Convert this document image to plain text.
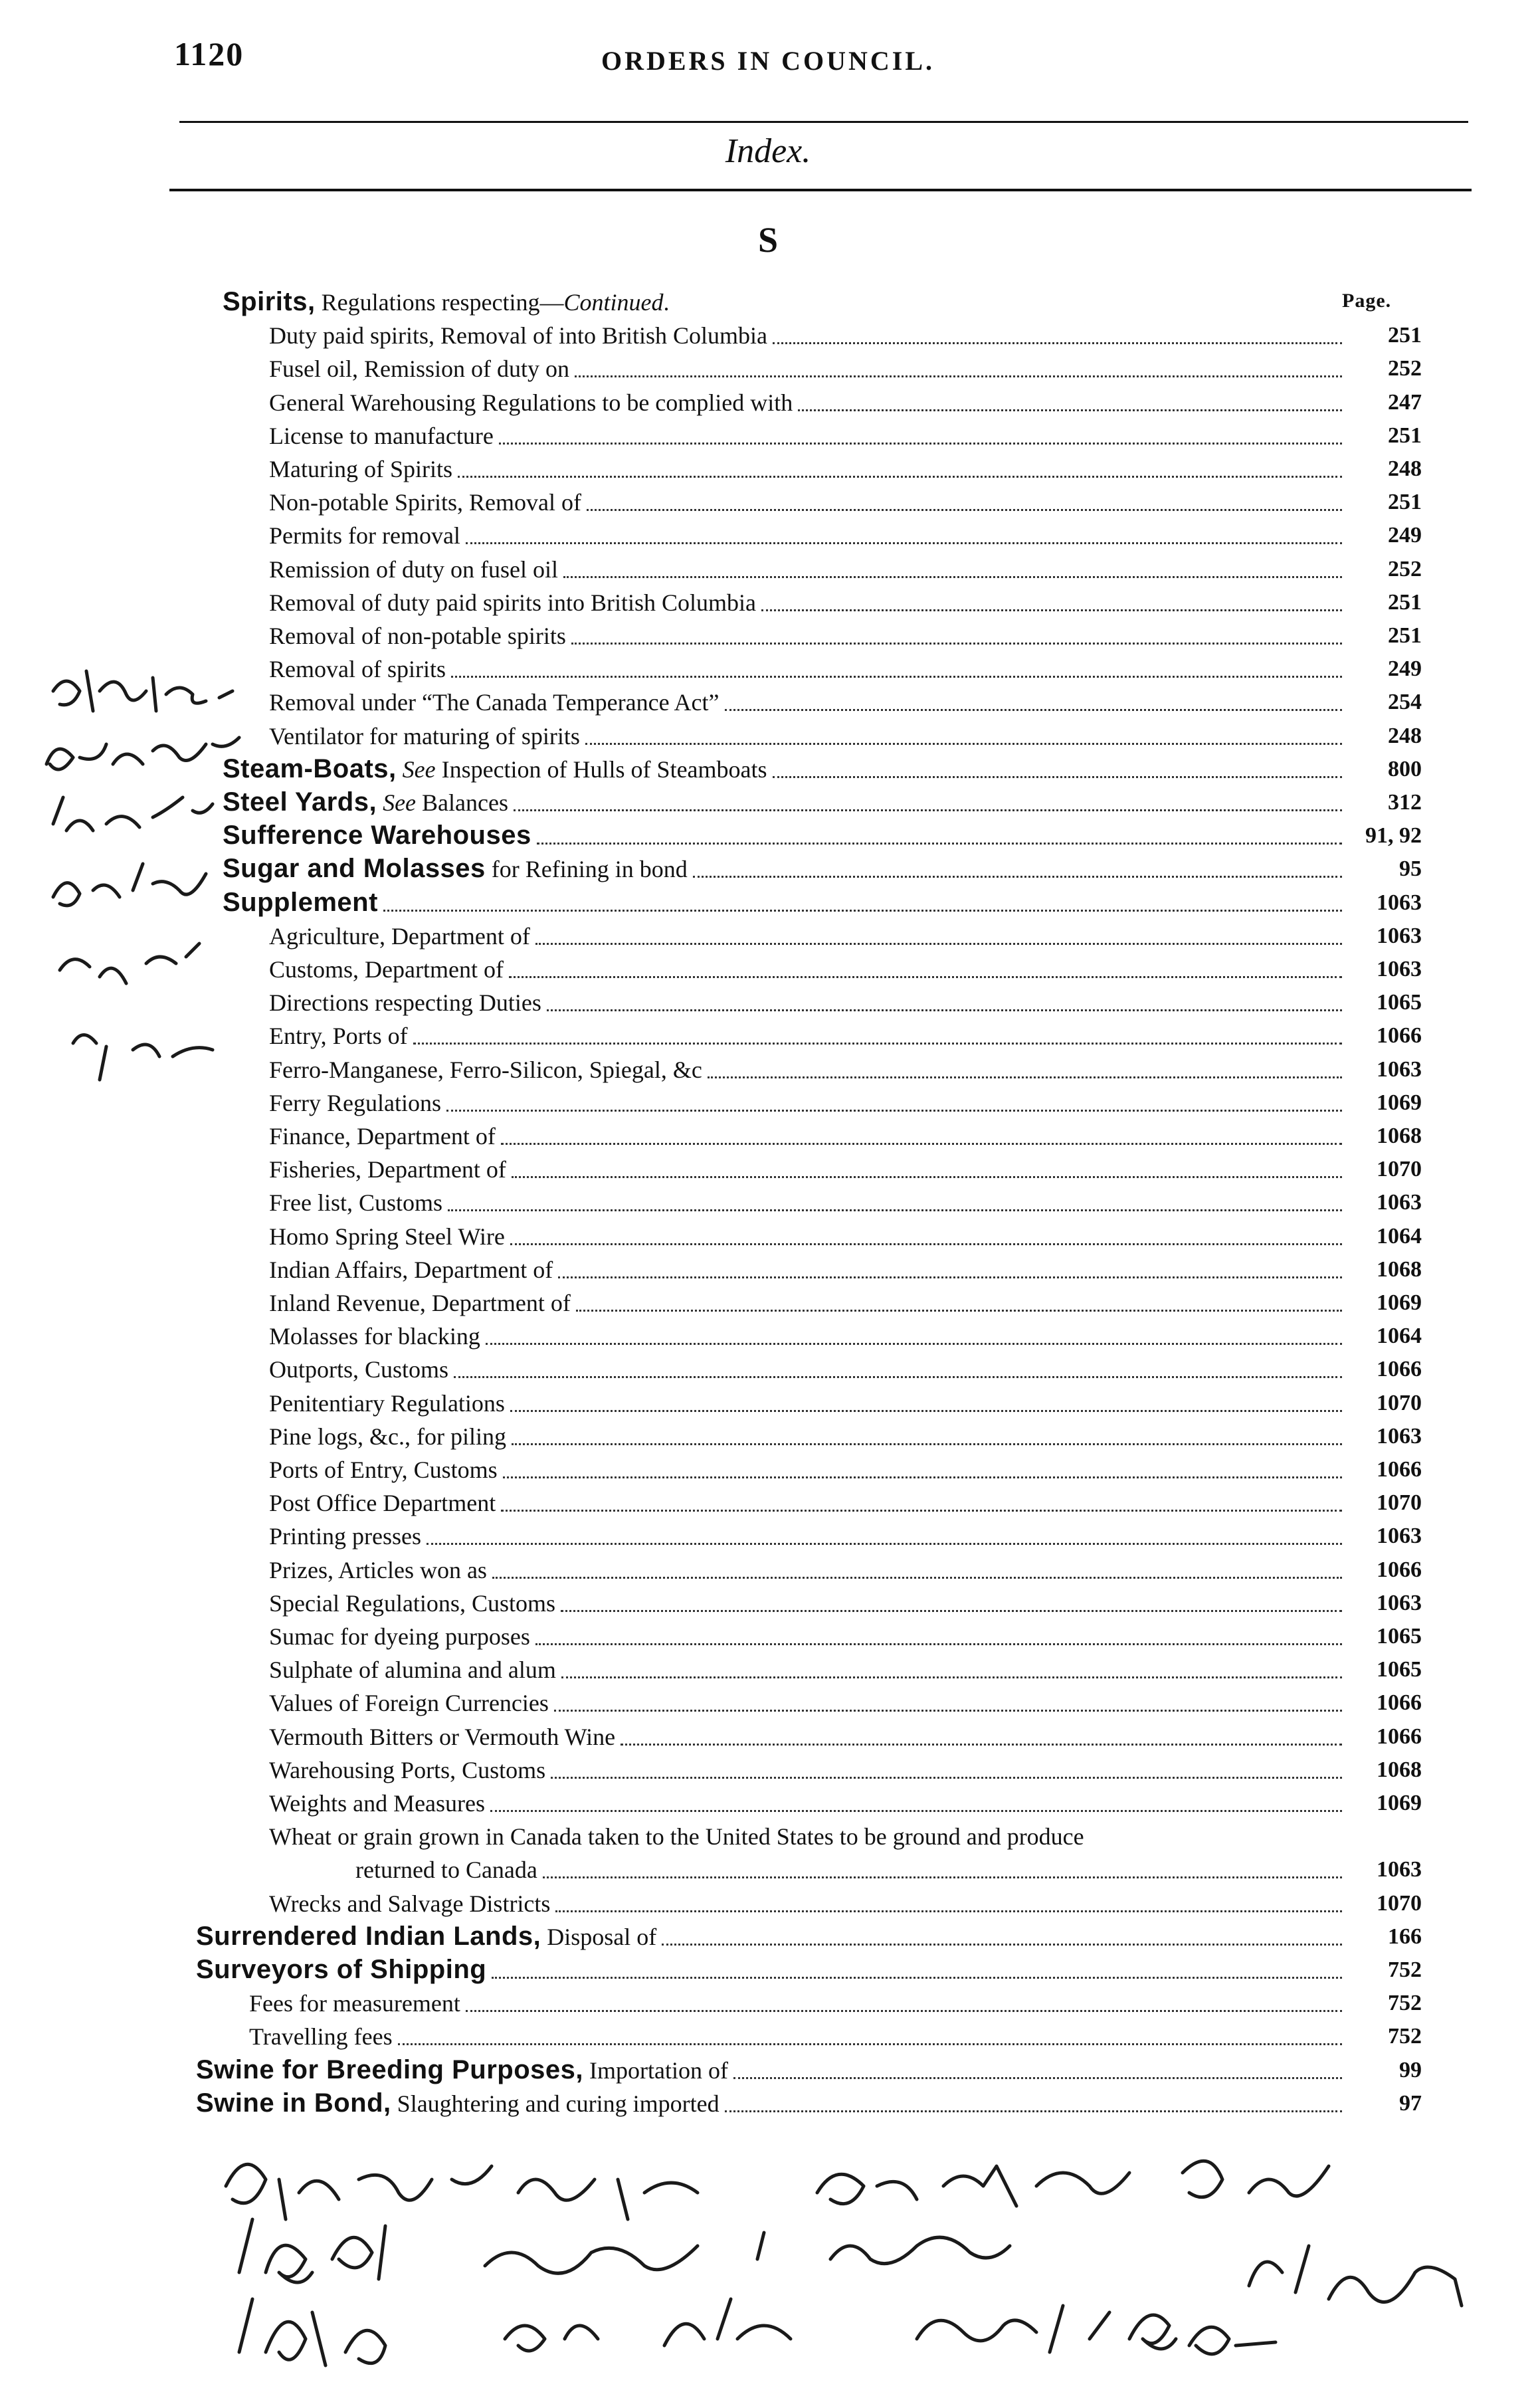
1120	ORDERS IN COUNCIL.
Index.
S
Page.
Spirits, Regulations respecting—Continued.
Duty paid spirits, Removal of into British Columbia	251
Fusel oil, Remission of duty on	252
General Warehousing Regulations to be complied with	247
License to manufacture	251
Maturing of Spirits	248
Non-potable Spirits, Removal of	251
Permits for removal	249
Remission of duty on fusel oil	252
Removal of duty paid spirits into British Columbia	251
Removal of non-potable spirits	251
Removal of spirits	249
Removal under “The Canada Temperance Act”	254
Ventilator for maturing of spirits	248
Steam-Boats, See Inspection of Hulls of Steamboats	800
Steel Yards, See Balances	312
Sufference Warehouses	91, 92
Sugar and Molasses for Refining in bond	95
Supplement	1063
Agriculture, Department of	1063
Customs, Department of	1063
Directions respecting Duties	1065
Entry, Ports of	1066
Ferro-Manganese, Ferro-Silicon, Spiegal, &c	1063
Ferry Regulations	1069
Finance, Department of	1068
Fisheries, Department of	1070
Free list, Customs	1063
Homo Spring Steel Wire	1064
Indian Affairs, Department of	1068
Inland Revenue, Department of	1069
Molasses for blacking	1064
Outports, Customs	1066
Penitentiary Regulations	1070
Pine logs, &c., for piling	1063
Ports of Entry, Customs	1066
Post Office Department	1070
Printing presses	1063
Prizes, Articles won as	1066
Special Regulations, Customs	1063
Sumac for dyeing purposes	1065
Sulphate of alumina and alum	1065
Values of Foreign Currencies	1066
Vermouth Bitters or Vermouth Wine	1066
Warehousing Ports, Customs	1068
Weights and Measures	1069
Wheat or grain grown in Canada taken to the United States to be ground and produce
returned to Canada	1063
Wrecks and Salvage Districts	1070
Surrendered Indian Lands, Disposal of	166
Surveyors of Shipping	752
Fees for measurement	752
Travelling fees	752
Swine for Breeding Purposes, Importation of	99
Swine in Bond, Slaughtering and curing imported	97
